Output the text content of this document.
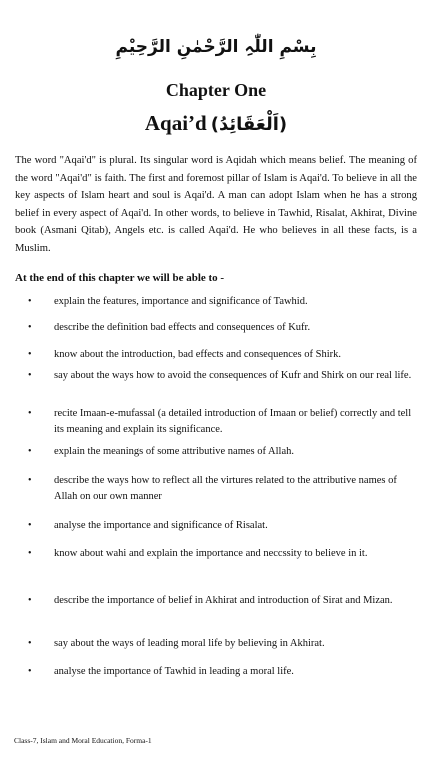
بِسْمِ اللّٰہِ الرَّحْمٰنِ الرَّحِیْمِ
Chapter One
Aqai’d (اَلْعَقَائِدُ)

The word "Aqai'd" is plural. Its singular word is Aqidah which means belief. The meaning of the word "Aqai'd" is faith. The first and foremost pillar of Islam is Aqai'd. To believe in all the key aspects of Islam heart and soul is Aqai'd. A man can adopt Islam when he has a strong belief in every aspect of Aqai'd. In other words, to believe in Tawhid, Risalat, Akhirat, Divine book (Asmani Qitab), Angels etc. is called Aqai'd. He who believes in all these facts, is a Muslim.

At the end of this chapter we will be able to -

• explain the features, importance and significance of Tawhid.
• describe the definition bad effects and consequences of Kufr.
• know about the introduction, bad effects and consequences of Shirk.
• say about the ways how to avoid the consequences of Kufr and Shirk on our real life.
• recite Imaan-e-mufassal (a detailed introduction of Imaan or belief) correctly and tell its meaning and explain its significance.
• explain the meanings of some attributive names of Allah.
• describe the ways how to reflect all the virtures related to the attributive names of Allah on our own manner
• analyse the importance and significance of Risalat.
• know about wahi and explain the importance and neccssity to believe in it.
• describe the importance of belief in Akhirat and introduction of Sirat and Mizan.
• say about the ways of leading moral life by believing in Akhirat.
• analyse the importance of Tawhid in leading a moral life.
Class-7, Islam and Moral Education, Forma-1
